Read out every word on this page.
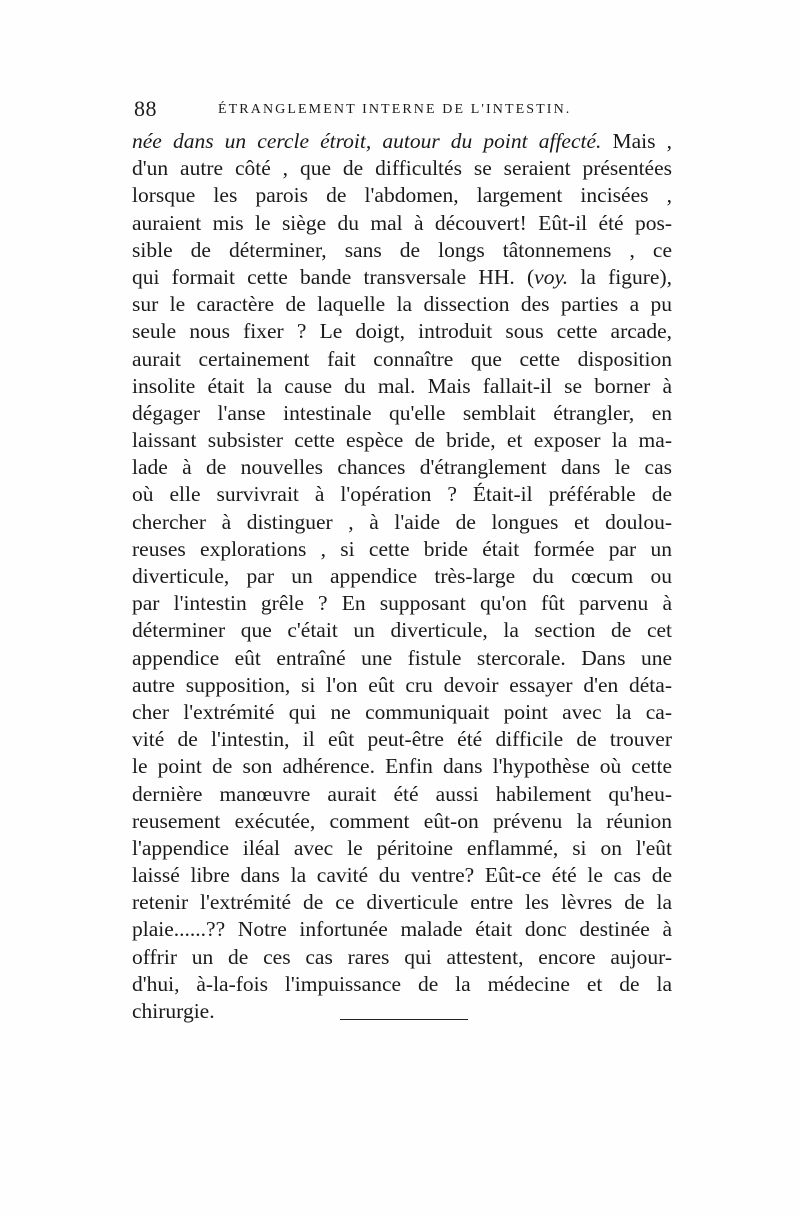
88	ÉTRANGLEMENT INTERNE DE L'INTESTIN.
née dans un cercle étroit, autour du point affecté. Mais ,
d'un autre côté , que de difficultés se seraient présentées
lorsque les parois de l'abdomen, largement incisées ,
auraient mis le siège du mal à découvert! Eût-il été pos-
sible de déterminer, sans de longs tâtonnemens , ce
qui formait cette bande transversale HH. (voy. la figure),
sur le caractère de laquelle la dissection des parties a pu
seule nous fixer ? Le doigt, introduit sous cette arcade,
aurait certainement fait connaître que cette disposition
insolite était la cause du mal. Mais fallait-il se borner à
dégager l'anse intestinale qu'elle semblait étrangler, en
laissant subsister cette espèce de bride, et exposer la ma-
lade à de nouvelles chances d'étranglement dans le cas
où elle survivrait à l'opération ? Était-il préférable de
chercher à distinguer , à l'aide de longues et doulou-
reuses explorations , si cette bride était formée par un
diverticule, par un appendice très-large du cœcum ou
par l'intestin grêle ? En supposant qu'on fût parvenu à
déterminer que c'était un diverticule, la section de cet
appendice eût entraîné une fistule stercorale. Dans une
autre supposition, si l'on eût cru devoir essayer d'en déta-
cher l'extrémité qui ne communiquait point avec la ca-
vité de l'intestin, il eût peut-être été difficile de trouver
le point de son adhérence. Enfin dans l'hypothèse où cette
dernière manœuvre aurait été aussi habilement qu'heu-
reusement exécutée, comment eût-on prévenu la réunion
l'appendice iléal avec le péritoine enflammé, si on l'eût
laissé libre dans la cavité du ventre? Eût-ce été le cas de
retenir l'extrémité de ce diverticule entre les lèvres de la
plaie......?? Notre infortunée malade était donc destinée à
offrir un de ces cas rares qui attestent, encore aujour-
d'hui, à-la-fois l'impuissance de la médecine et de la
chirurgie.
